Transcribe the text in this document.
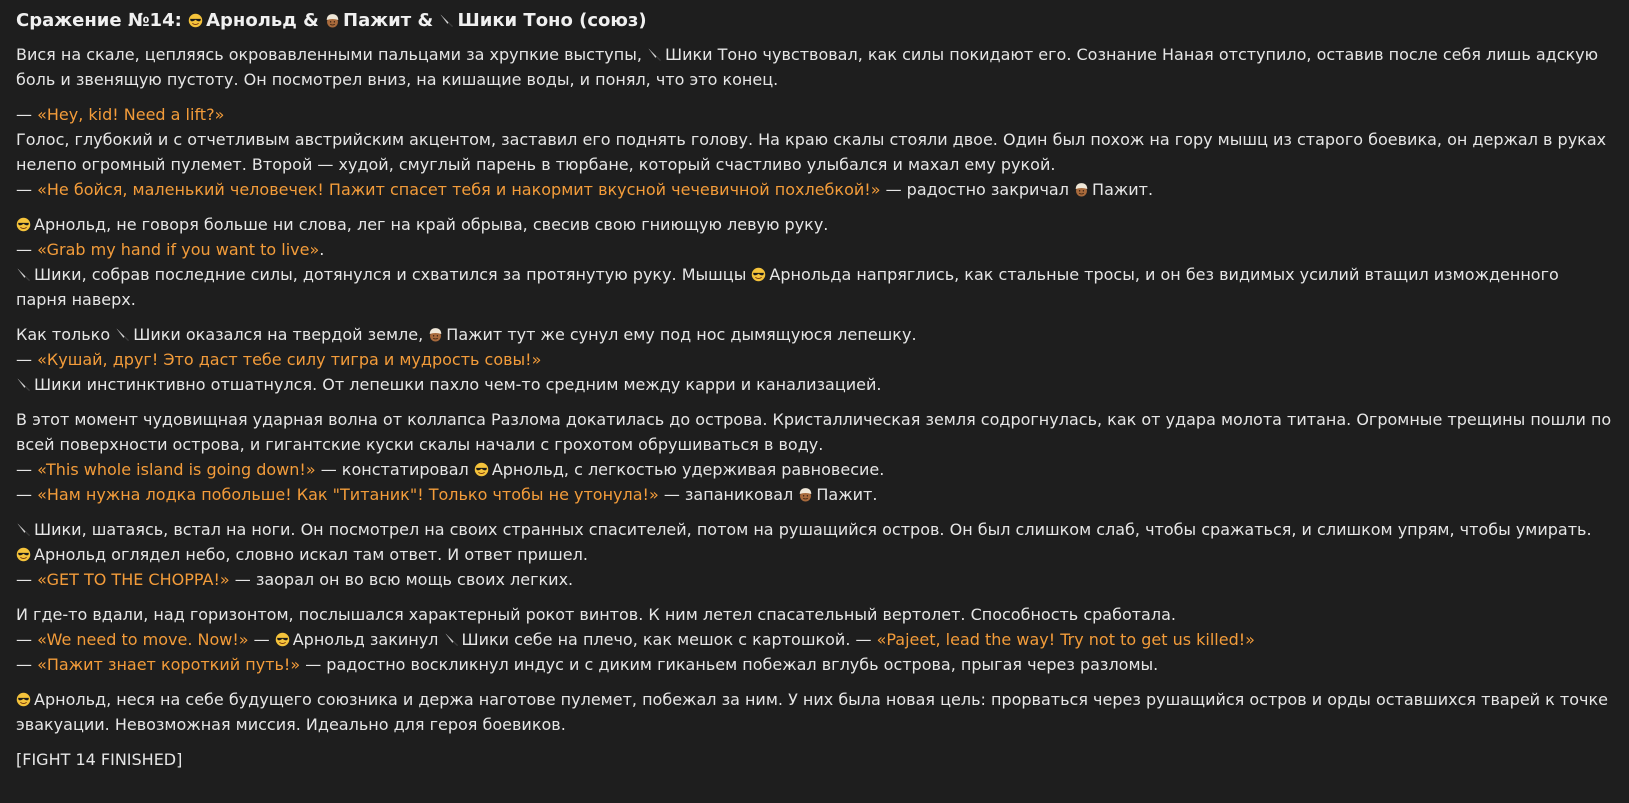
Сражение №14: Арнольд & Пажит & Шики Тоно (союз)
Вися на скале, цепляясь окровавленными пальцами за хрупкие выступы,
Шики Тоно чувствовал, как силы покидают его. Сознание Наная отступило, оставив после себя лишь адскую боль и звенящую пустоту. Он посмотрел вниз, на кишащие воды, и понял, что это конец.
— «Hey, kid! Need a lift?»
Голос, глубокий и с отчетливым австрийским акцентом, заставил его поднять голову. На краю скалы стояли двое. Один был похож на гору мышц из старого боевика, он держал в руках нелепо огромный пулемет. Второй — худой, смуглый парень в тюрбане, который счастливо улыбался и махал ему рукой.
— «Не бойся, маленький человечек! Пажит спасет тебя и накормит вкусной чечевичной похлебкой!» — радостно закричал
Пажит.
Арнольд, не говоря больше ни слова, лег на край обрыва, свесив свою гниющую левую руку.
— «Grab my hand if you want to live».
Шики, собрав последние силы, дотянулся и схватился за протянутую руку. Мышцы
Арнольда напряглись, как стальные тросы, и он без видимых усилий втащил изможденного парня наверх.
Как только
Шики оказался на твердой земле,
Пажит тут же сунул ему под нос дымящуюся лепешку.
— «Кушай, друг! Это даст тебе силу тигра и мудрость совы!»
Шики инстинктивно отшатнулся. От лепешки пахло чем-то средним между карри и канализацией.
В этот момент чудовищная ударная волна от коллапса Разлома докатилась до острова. Кристаллическая земля содрогнулась, как от удара молота титана. Огромные трещины пошли по всей поверхности острова, и гигантские куски скалы начали с грохотом обрушиваться в воду.
— «This whole island is going down!» — констатировал
Арнольд, с легкостью удерживая равновесие.
— «Нам нужна лодка побольше! Как "Титаник"! Только чтобы не утонула!» — запаниковал
Пажит.
Шики, шатаясь, встал на ноги. Он посмотрел на своих странных спасителей, потом на рушащийся остров. Он был слишком слаб, чтобы сражаться, и слишком упрям, чтобы умирать.
Арнольд оглядел небо, словно искал там ответ. И ответ пришел.
— «GET TO THE CHOPPA!» — заорал он во всю мощь своих легких.
И где-то вдали, над горизонтом, послышался характерный рокот винтов. К ним летел спасательный вертолет. Способность сработала.
— «We need to move. Now!» —
Арнольд закинул
Шики себе на плечо, как мешок с картошкой. — «Pajeet, lead the way! Try not to get us killed!»
— «Пажит знает короткий путь!» — радостно воскликнул индус и с диким гиканьем побежал вглубь острова, прыгая через разломы.
Арнольд, неся на себе будущего союзника и держа наготове пулемет, побежал за ним. У них была новая цель: прорваться через рушащийся остров и орды оставшихся тварей к точке эвакуации. Невозможная миссия. Идеально для героя боевиков.
[FIGHT 14 FINISHED]
